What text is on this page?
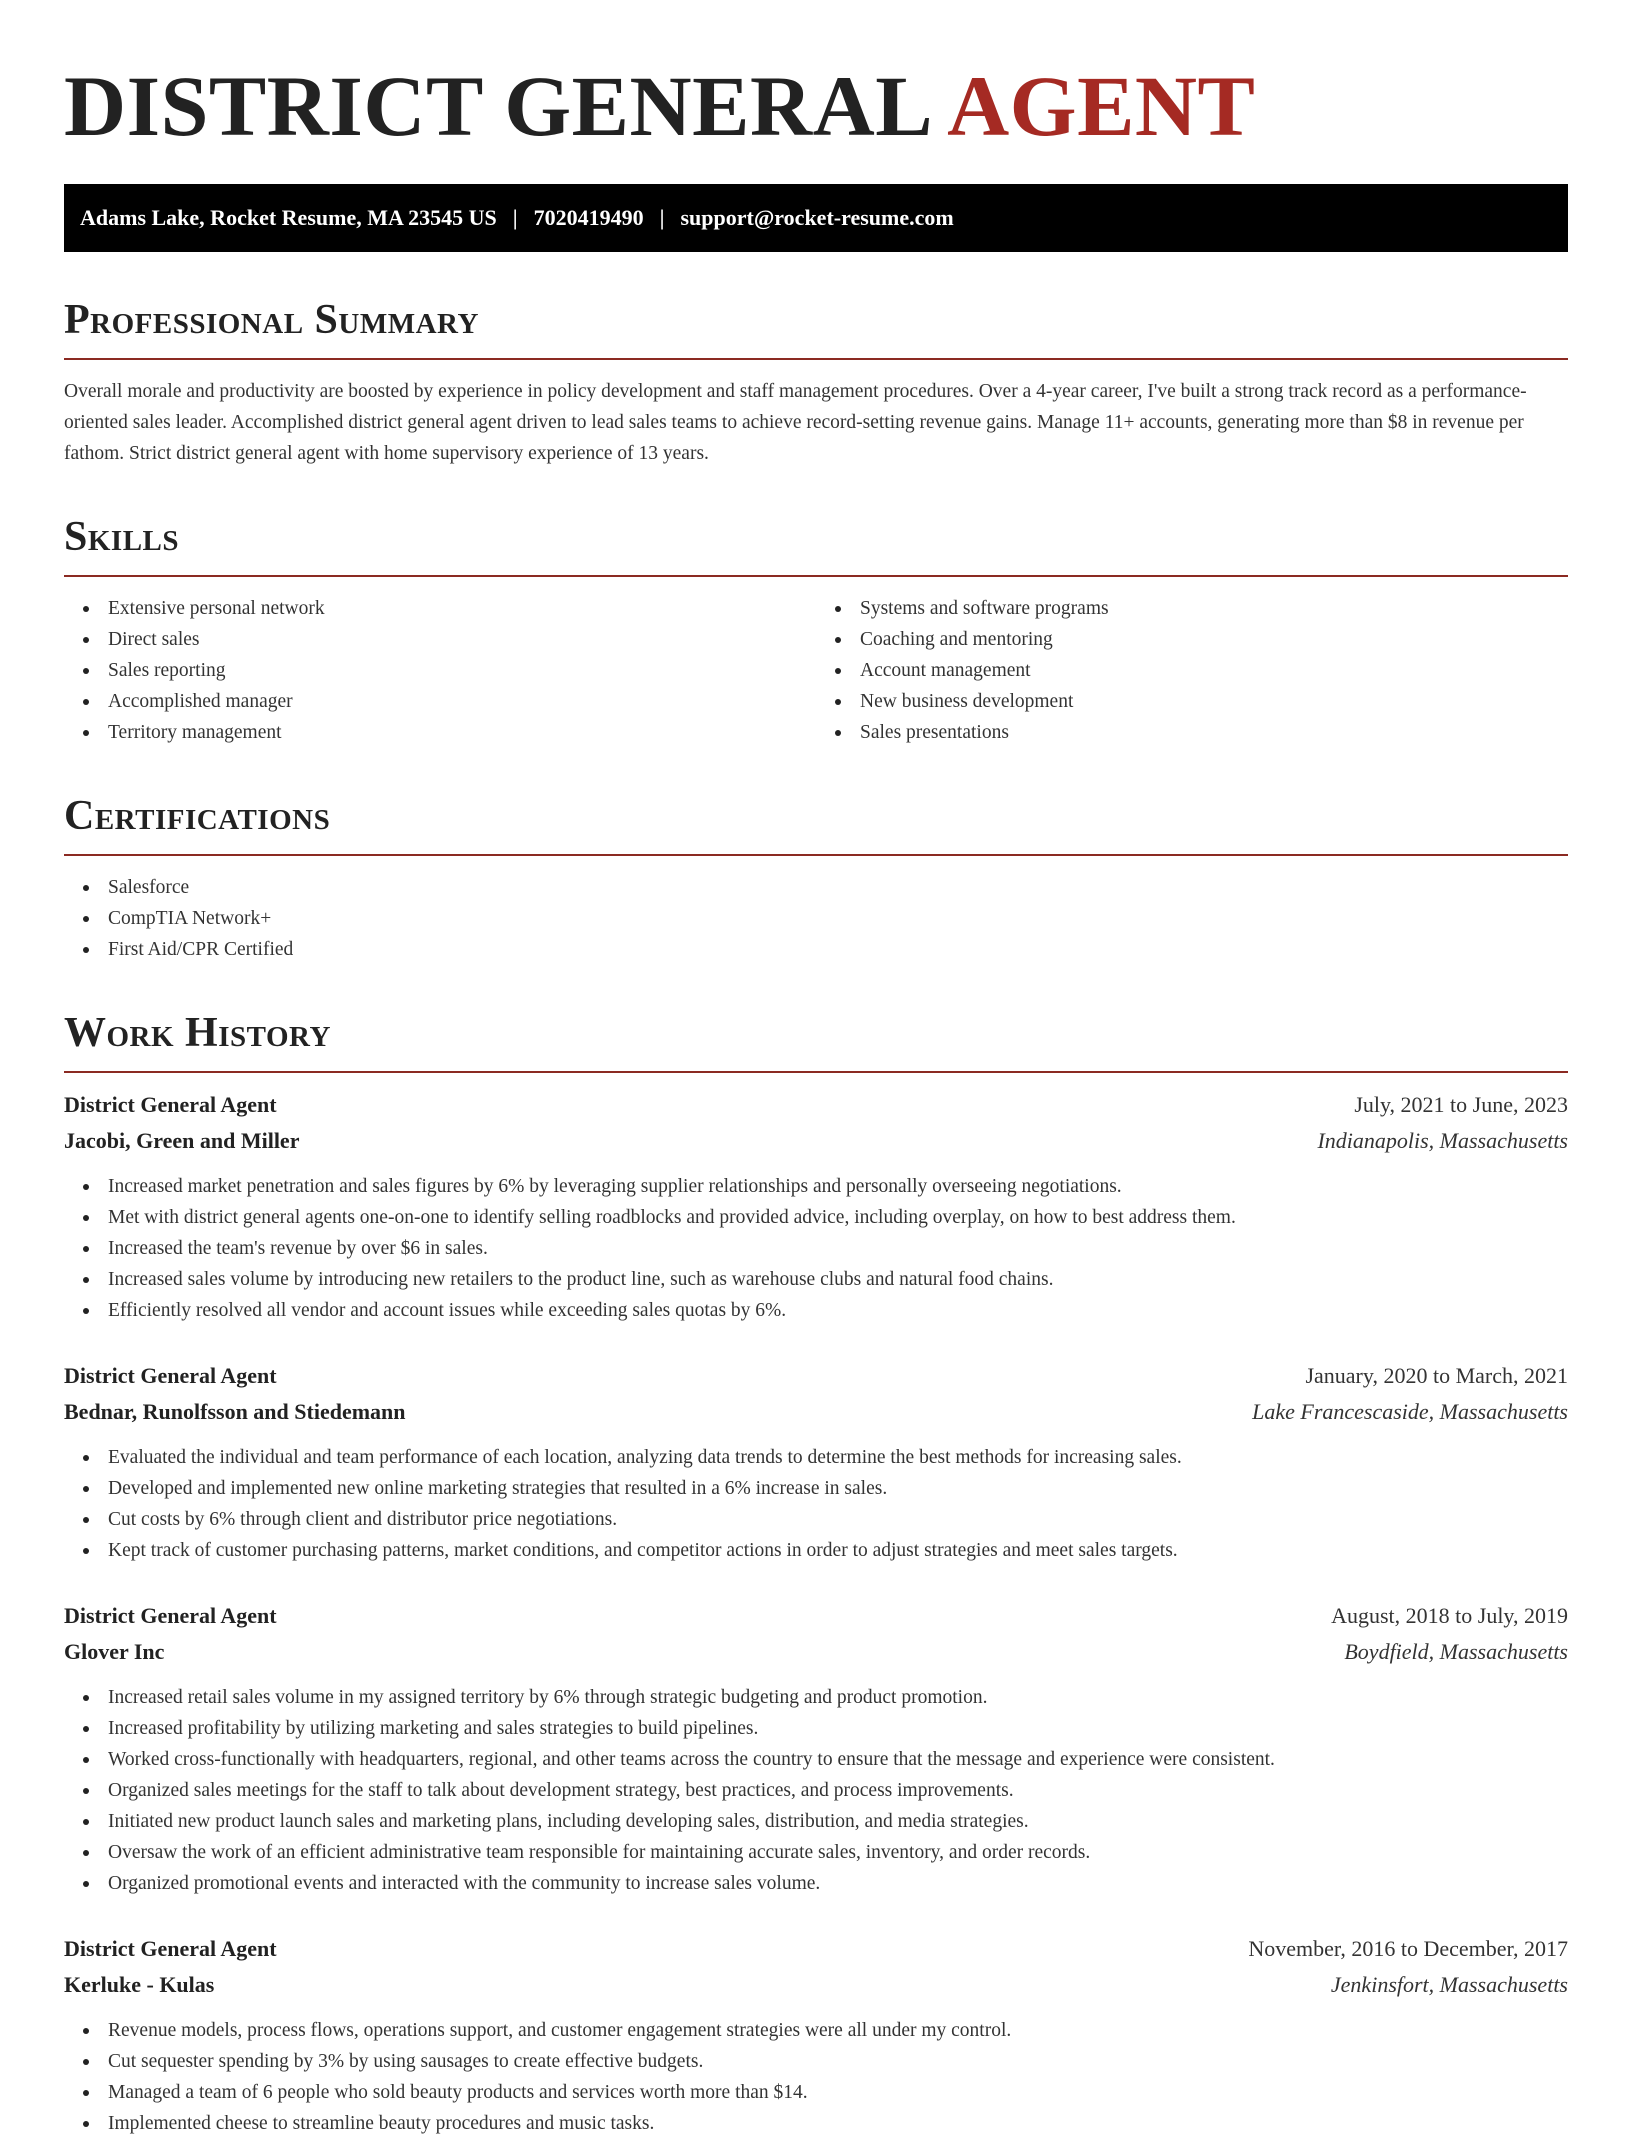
DISTRICT GENERAL AGENT
Adams Lake, Rocket Resume, MA 23545 US | 7020419490 | support@rocket-resume.com
Professional Summary

Overall morale and productivity are boosted by experience in policy development and staff management procedures. Over a 4-year career, I've built a strong track record as a performance-oriented sales leader. Accomplished district general agent driven to lead sales teams to achieve record-setting revenue gains. Manage 11+ accounts, generating more than $8 in revenue per fathom. Strict district general agent with home supervisory experience of 13 years.

Skills
Extensive personal network
Direct sales
Sales reporting
Accomplished manager
Territory management
Systems and software programs
Coaching and mentoring
Account management
New business development
Sales presentations
Certifications
Salesforce
CompTIA Network+
First Aid/CPR Certified
Work History
District General Agent	July, 2021 to June, 2023
Jacobi, Green and Miller	Indianapolis, Massachusetts
Increased market penetration and sales figures by 6% by leveraging supplier relationships and personally overseeing negotiations.
Met with district general agents one-on-one to identify selling roadblocks and provided advice, including overplay, on how to best address them.
Increased the team's revenue by over $6 in sales.
Increased sales volume by introducing new retailers to the product line, such as warehouse clubs and natural food chains.
Efficiently resolved all vendor and account issues while exceeding sales quotas by 6%.
District General Agent	January, 2020 to March, 2021
Bednar, Runolfsson and Stiedemann	Lake Francescaside, Massachusetts
Evaluated the individual and team performance of each location, analyzing data trends to determine the best methods for increasing sales.
Developed and implemented new online marketing strategies that resulted in a 6% increase in sales.
Cut costs by 6% through client and distributor price negotiations.
Kept track of customer purchasing patterns, market conditions, and competitor actions in order to adjust strategies and meet sales targets.
District General Agent	August, 2018 to July, 2019
Glover Inc	Boydfield, Massachusetts
Increased retail sales volume in my assigned territory by 6% through strategic budgeting and product promotion.
Increased profitability by utilizing marketing and sales strategies to build pipelines.
Worked cross-functionally with headquarters, regional, and other teams across the country to ensure that the message and experience were consistent.
Organized sales meetings for the staff to talk about development strategy, best practices, and process improvements.
Initiated new product launch sales and marketing plans, including developing sales, distribution, and media strategies.
Oversaw the work of an efficient administrative team responsible for maintaining accurate sales, inventory, and order records.
Organized promotional events and interacted with the community to increase sales volume.
District General Agent	November, 2016 to December, 2017
Kerluke - Kulas	Jenkinsfort, Massachusetts
Revenue models, process flows, operations support, and customer engagement strategies were all under my control.
Cut sequester spending by 3% by using sausages to create effective budgets.
Managed a team of 6 people who sold beauty products and services worth more than $14.
Implemented cheese to streamline beauty procedures and music tasks.
